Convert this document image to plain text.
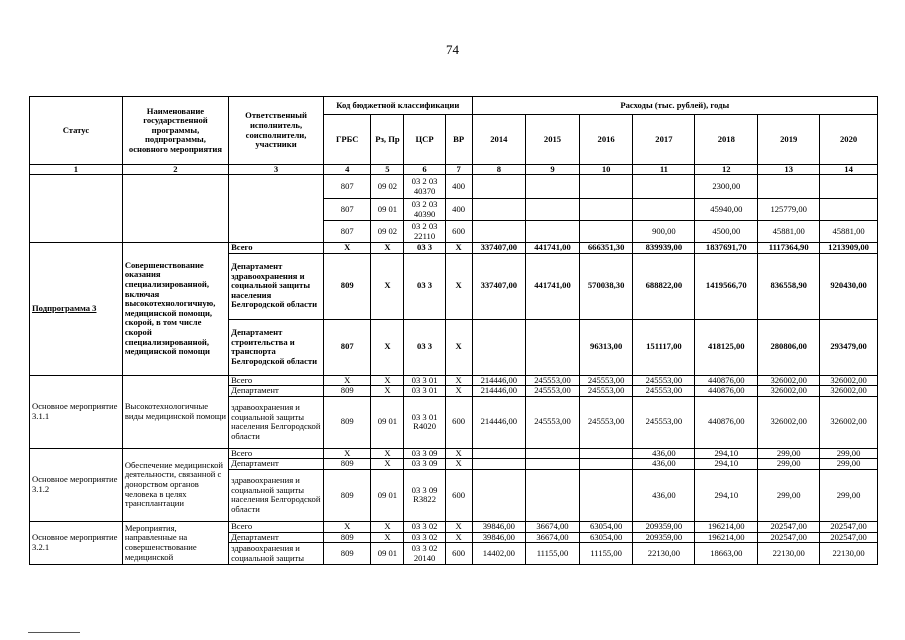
74
Статус	Наименование государственной программы, подпрограммы, основного мероприятия	Ответственный исполнитель, соисполнители, участники	Код бюджетной классификации				Расходы (тыс. рублей), годы						
			ГРБС	Рз, Пр	ЦСР	ВР	2014	2015	2016	2017	2018	2019	2020
1	2	3	4	5	6	7	8	9	10	11	12	13	14
			807	09 02	03 2 03 40370	400					2300,00		
			807	09 01	03 2 03 40390	400					45940,00	125779,00	
			807	09 02	03 2 03 22110	600				900,00	4500,00	45881,00	45881,00
Подпрограмма 3	Совершенствование оказания специализированной, включая высокотехнологичную, медицинской помощи, скорой, в том числе скорой специализированной, медицинской помощи	Всего	X	X	03 3	X	337407,00	441741,00	666351,30	839939,00	1837691,70	1117364,90	1213909,00
		Департамент здравоохранения и социальной защиты населения Белгородской области	809	X	03 3	X	337407,00	441741,00	570038,30	688822,00	1419566,70	836558,90	920430,00
		Департамент строительства и транспорта Белгородской области	807	X	03 3	X			96313,00	151117,00	418125,00	280806,00	293479,00
Основное мероприятие 3.1.1	Высокотехнологичные виды медицинской помощи	Всего	X	X	03 3 01	X	214446,00	245553,00	245553,00	245553,00	440876,00	326002,00	326002,00
		Департамент	809	X	03 3 01	X	214446,00	245553,00	245553,00	245553,00	440876,00	326002,00	326002,00
		здравоохранения и социальной защиты населения Белгородской области	809	09 01	03 3 01 R4020	600	214446,00	245553,00	245553,00	245553,00	440876,00	326002,00	326002,00
Основное мероприятие 3.1.2	Обеспечение медицинской деятельности, связанной с донорством органов человека в целях трансплантации	Всего	X	X	03 3 09	X				436,00	294,10	299,00	299,00
		Департамент	809	X	03 3 09	X				436,00	294,10	299,00	299,00
		здравоохранения и социальной защиты населения Белгородской области	809	09 01	03 3 09 R3822	600				436,00	294,10	299,00	299,00
Основное мероприятие 3.2.1	Мероприятия, направленные на совершенствование медицинской	Всего	X	X	03 3 02	X	39846,00	36674,00	63054,00	209359,00	196214,00	202547,00	202547,00
		Департамент	809	X	03 3 02	X	39846,00	36674,00	63054,00	209359,00	196214,00	202547,00	202547,00
		здравоохранения и социальной защиты	809	09 01	03 3 02 20140	600	14402,00	11155,00	11155,00	22130,00	18663,00	22130,00	22130,00
